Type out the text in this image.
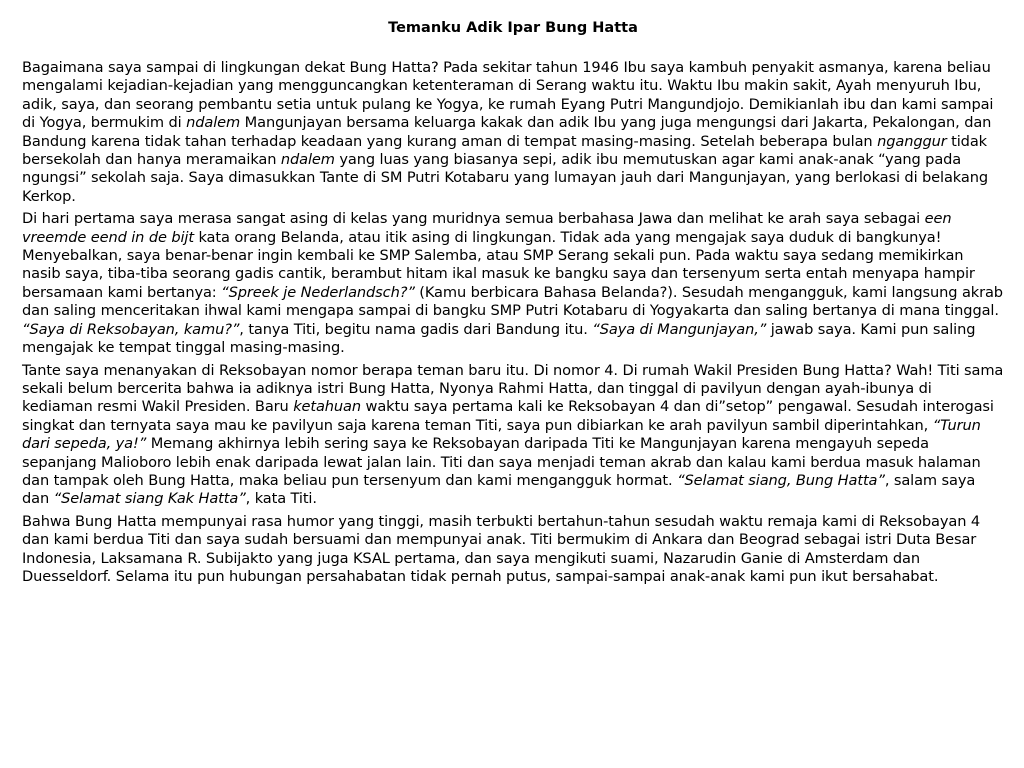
Temanku Adik Ipar Bung Hatta

Bagaimana saya sampai di lingkungan dekat Bung Hatta? Pada sekitar tahun 1946 Ibu saya kambuh penyakit asmanya, karena beliau mengalami kejadian-kejadian yang mengguncangkan ketenteraman di Serang waktu itu. Waktu Ibu makin sakit, Ayah menyuruh Ibu, adik, saya, dan seorang pembantu setia untuk pulang ke Yogya, ke rumah Eyang Putri Mangundjojo. Demikianlah ibu dan kami sampai di Yogya, bermukim di ndalem Mangunjayan bersama keluarga kakak dan adik Ibu yang juga mengungsi dari Jakarta, Pekalongan, dan Bandung karena tidak tahan terhadap keadaan yang kurang aman di tempat masing-masing. Setelah beberapa bulan nganggur tidak bersekolah dan hanya meramaikan ndalem yang luas yang biasanya sepi, adik ibu memutuskan agar kami anak-anak “yang pada ngungsi” sekolah saja. Saya dimasukkan Tante di SM Putri Kotabaru yang lumayan jauh dari Mangunjayan, yang berlokasi di belakang Kerkop.

Di hari pertama saya merasa sangat asing di kelas yang muridnya semua berbahasa Jawa dan melihat ke arah saya sebagai een vreemde eend in de bijt kata orang Belanda, atau itik asing di lingkungan. Tidak ada yang mengajak saya duduk di bangkunya! Menyebalkan, saya benar-benar ingin kembali ke SMP Salemba, atau SMP Serang sekali pun. Pada waktu saya sedang memikirkan nasib saya, tiba-tiba seorang gadis cantik, berambut hitam ikal masuk ke bangku saya dan tersenyum serta entah menyapa hampir bersamaan kami bertanya: “Spreek je Nederlandsch?” (Kamu berbicara Bahasa Belanda?). Sesudah mengangguk, kami langsung akrab dan saling menceritakan ihwal kami mengapa sampai di bangku SMP Putri Kotabaru di Yogyakarta dan saling bertanya di mana tinggal. “Saya di Reksobayan, kamu?”, tanya Titi, begitu nama gadis dari Bandung itu. “Saya di Mangunjayan,” jawab saya. Kami pun saling mengajak ke tempat tinggal masing-masing.

Tante saya menanyakan di Reksobayan nomor berapa teman baru itu. Di nomor 4. Di rumah Wakil Presiden Bung Hatta? Wah! Titi sama sekali belum bercerita bahwa ia adiknya istri Bung Hatta, Nyonya Rahmi Hatta, dan tinggal di pavilyun dengan ayah-ibunya di kediaman resmi Wakil Presiden. Baru ketahuan waktu saya pertama kali ke Reksobayan 4 dan di”setop” pengawal. Sesudah interogasi singkat dan ternyata saya mau ke pavilyun saja karena teman Titi, saya pun dibiarkan ke arah pavilyun sambil diperintahkan, “Turun dari sepeda, ya!” Memang akhirnya lebih sering saya ke Reksobayan daripada Titi ke Mangunjayan karena mengayuh sepeda sepanjang Malioboro lebih enak daripada lewat jalan lain. Titi dan saya menjadi teman akrab dan kalau kami berdua masuk halaman dan tampak oleh Bung Hatta, maka beliau pun tersenyum dan kami mengangguk hormat. “Selamat siang, Bung Hatta”, salam saya dan “Selamat siang Kak Hatta”, kata Titi.

Bahwa Bung Hatta mempunyai rasa humor yang tinggi, masih terbukti bertahun-tahun sesudah waktu remaja kami di Reksobayan 4 dan kami berdua Titi dan saya sudah bersuami dan mempunyai anak. Titi bermukim di Ankara dan Beograd sebagai istri Duta Besar Indonesia, Laksamana R. Subijakto yang juga KSAL pertama, dan saya mengikuti suami, Nazarudin Ganie di Amsterdam dan Duesseldorf. Selama itu pun hubungan persahabatan tidak pernah putus, sampai-sampai anak-anak kami pun ikut bersahabat.
